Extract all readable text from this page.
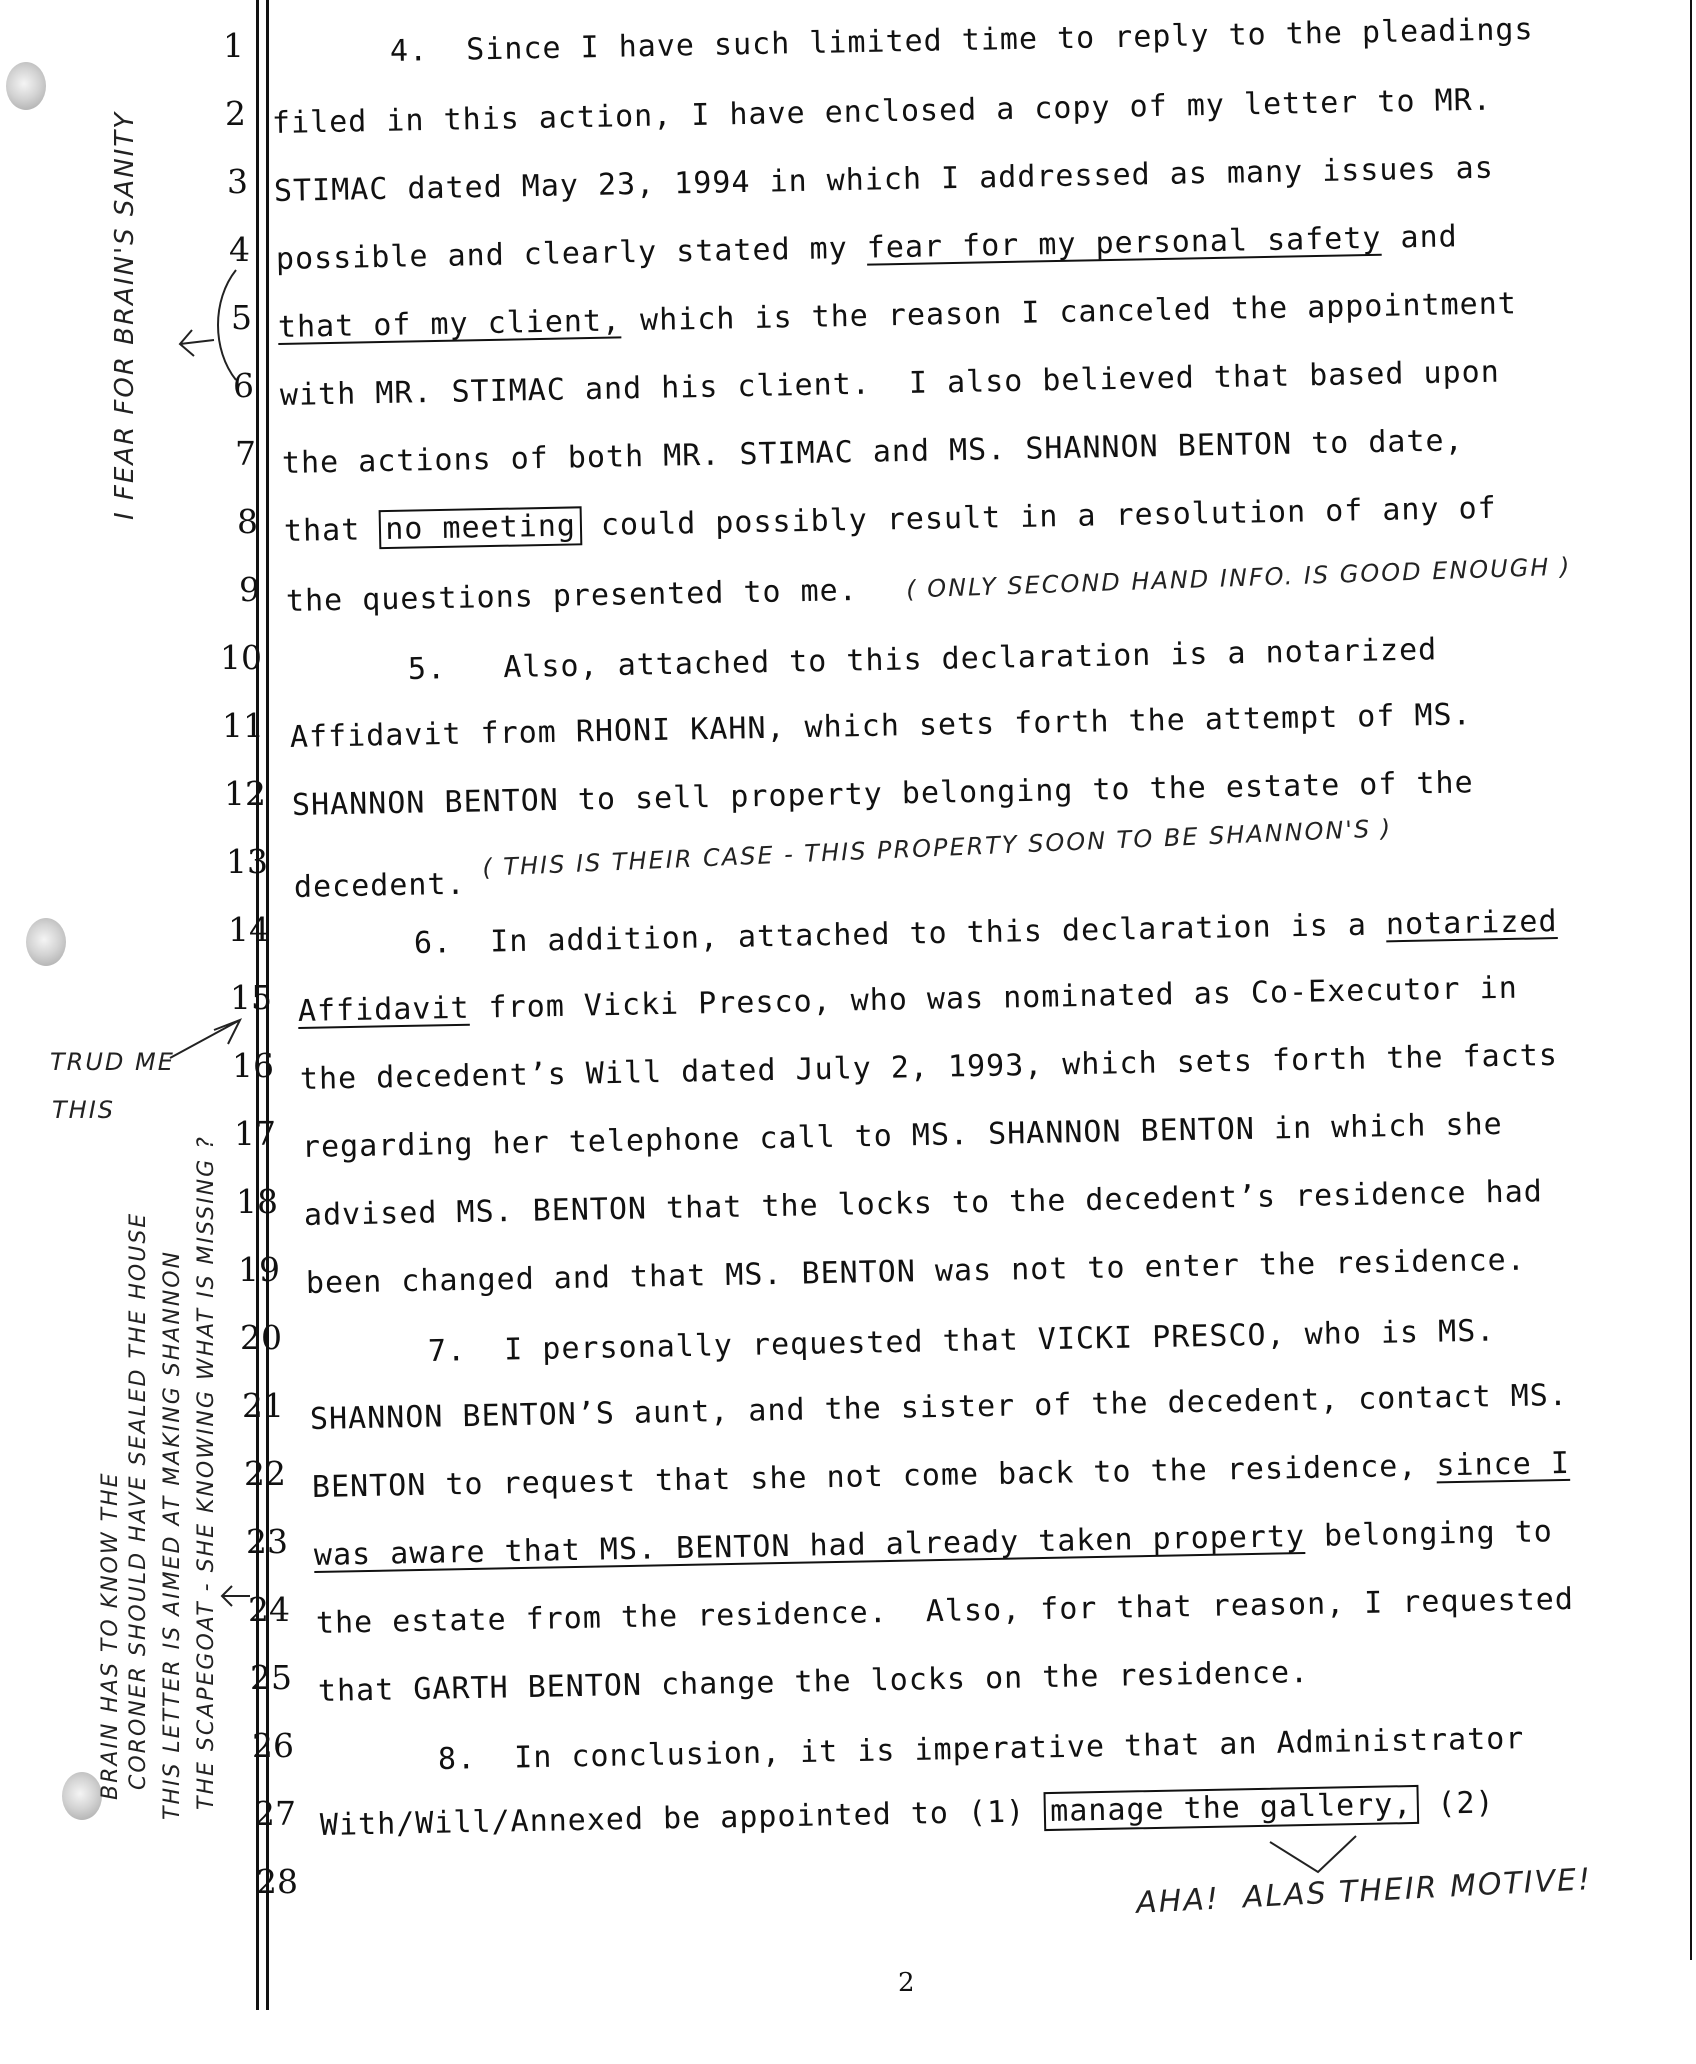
1
2
3
4
5
6
7
8
9
10
11
12
13
14
15
16
17
18
19
20
21
22
23
24
25
26
27
28
4.  Since I have such limited time to reply to the pleadings
filed in this action, I have enclosed a copy of my letter to MR.
STIMAC dated May 23, 1994 in which I addressed as many issues as
possible and clearly stated my fear for my personal safety and
that of my client, which is the reason I canceled the appointment
with MR. STIMAC and his client.  I also believed that based upon
the actions of both MR. STIMAC and MS. SHANNON BENTON to date,
that no meeting could possibly result in a resolution of any of
the questions presented to me.
5.   Also, attached to this declaration is a notarized
Affidavit from RHONI KAHN, which sets forth the attempt of MS.
SHANNON BENTON to sell property belonging to the estate of the
decedent.
6.  In addition, attached to this declaration is a notarized
Affidavit from Vicki Presco, who was nominated as Co-Executor in
the decedent’s Will dated July 2, 1993, which sets forth the facts
regarding her telephone call to MS. SHANNON BENTON in which she
advised MS. BENTON that the locks to the decedent’s residence had
been changed and that MS. BENTON was not to enter the residence.
7.  I personally requested that VICKI PRESCO, who is MS.
SHANNON BENTON’S aunt, and the sister of the decedent, contact MS.
BENTON to request that she not come back to the residence, since I
was aware that MS. BENTON had already taken property belonging to
the estate from the residence.  Also, for that reason, I requested
that GARTH BENTON change the locks on the residence.
8.  In conclusion, it is imperative that an Administrator
With/Will/Annexed be appointed to (1) manage the gallery, (2)
I FEAR FOR BRAIN'S SANITY
( ONLY SECOND HAND INFO. IS GOOD ENOUGH )
( THIS IS THEIR CASE - THIS PROPERTY SOON TO BE SHANNON'S )
TRUD ME
THIS
BRAIN HAS TO KNOW THE CORONER SHOULD HAVE SEALED THE HOUSE THIS LETTER IS AIMED AT MAKING SHANNON THE SCAPEGOAT - SHE KNOWING WHAT IS MISSING ?
AHA!  ALAS THEIR MOTIVE!
2
